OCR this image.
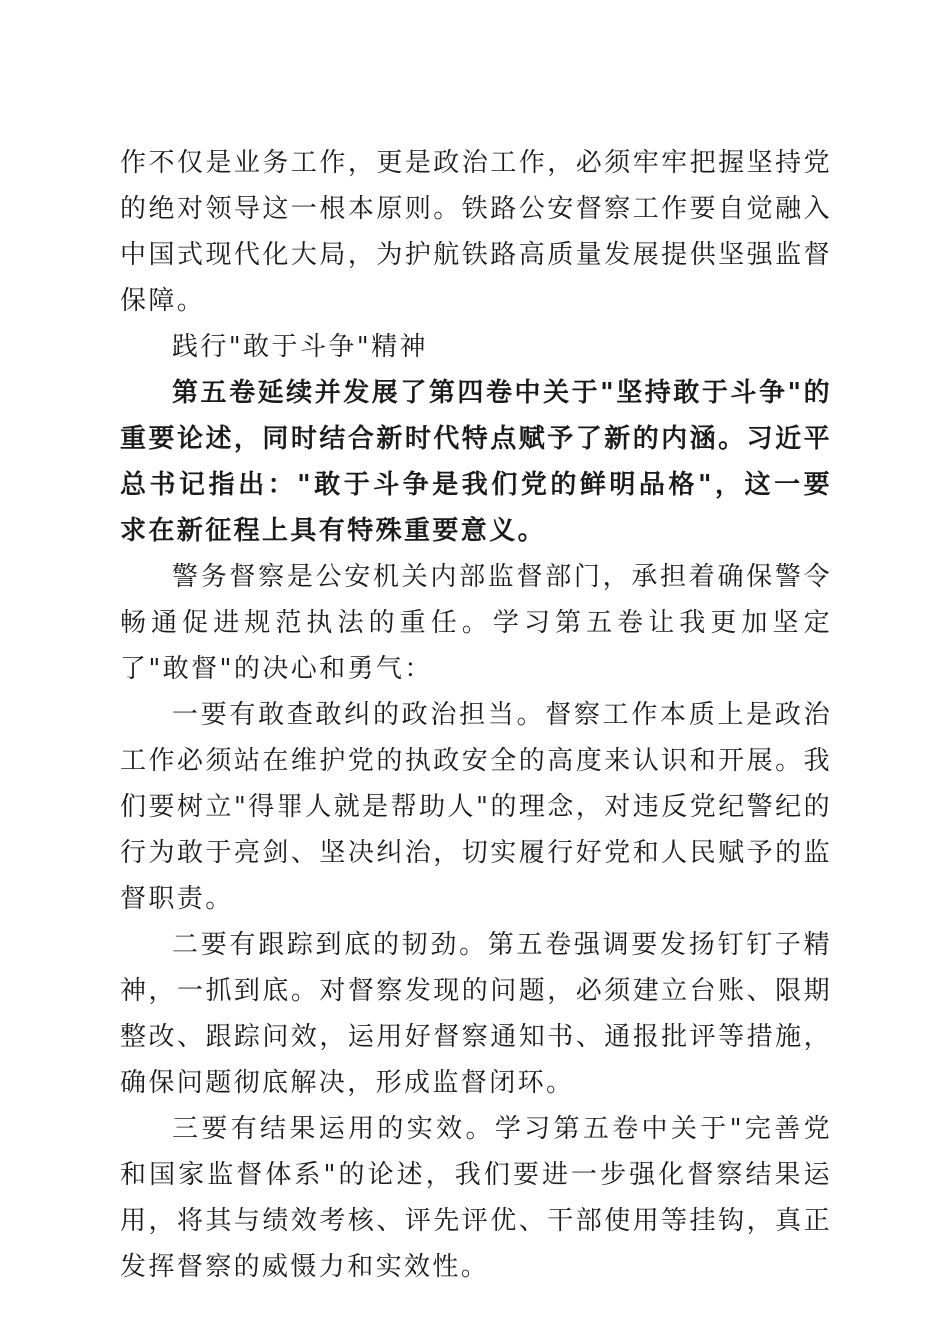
作不仅是业务工作，更是政治工作，必须牢牢把握坚持党的绝对领导这一根本原则。铁路公安督察工作要自觉融入中国式现代化大局，为护航铁路高质量发展提供坚强监督保障。

践行"敢于斗争"精神

第五卷延续并发展了第四卷中关于"坚持敢于斗争"的重要论述，同时结合新时代特点赋予了新的内涵。习近平总书记指出："敢于斗争是我们党的鲜明品格"，这一要求在新征程上具有特殊重要意义。

警务督察是公安机关内部监督部门，承担着确保警令畅通促进规范执法的重任。学习第五卷让我更加坚定了"敢督"的决心和勇气：

一要有敢查敢纠的政治担当。督察工作本质上是政治工作必须站在维护党的执政安全的高度来认识和开展。我们要树立"得罪人就是帮助人"的理念，对违反党纪警纪的行为敢于亮剑、坚决纠治，切实履行好党和人民赋予的监督职责。

二要有跟踪到底的韧劲。第五卷强调要发扬钉钉子精神，一抓到底。对督察发现的问题，必须建立台账、限期整改、跟踪问效，运用好督察通知书、通报批评等措施，确保问题彻底解决，形成监督闭环。

三要有结果运用的实效。学习第五卷中关于"完善党和国家监督体系"的论述，我们要进一步强化督察结果运用，将其与绩效考核、评先评优、干部使用等挂钩，真正发挥督察的威慑力和实效性。
